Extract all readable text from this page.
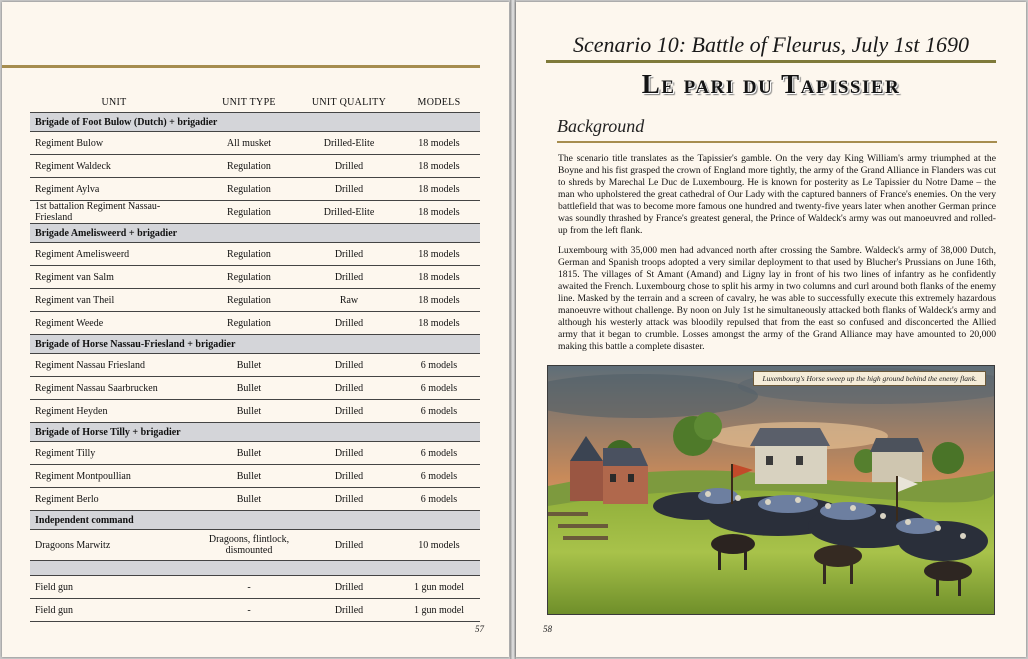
UNIT	UNIT TYPE	UNIT QUALITY	MODELS
Brigade of Foot Bulow (Dutch) + brigadier			
Regiment Bulow	All musket	Drilled-Elite	18 models
Regiment Waldeck	Regulation	Drilled	18 models
Regiment Aylva	Regulation	Drilled	18 models
1st battalion Regiment Nassau- Friesland	Regulation	Drilled-Elite	18 models
Brigade Amelisweerd + brigadier			
Regiment Amelisweerd	Regulation	Drilled	18 models
Regiment van Salm	Regulation	Drilled	18 models
Regiment van Theil	Regulation	Raw	18 models
Regiment Weede	Regulation	Drilled	18 models
Brigade of Horse Nassau-Friesland + brigadier			
Regiment Nassau Friesland	Bullet	Drilled	6 models
Regiment Nassau Saarbrucken	Bullet	Drilled	6 models
Regiment Heyden	Bullet	Drilled	6 models
Brigade of Horse Tilly + brigadier			
Regiment Tilly	Bullet	Drilled	6 models
Regiment Montpoullian	Bullet	Drilled	6 models
Regiment Berlo	Bullet	Drilled	6 models
Independent command			
Dragoons Marwitz	Dragoons, flintlock, dismounted	Drilled	10 models

Field gun	-	Drilled	1 gun model
Field gun	-	Drilled	1 gun model
57
Scenario 10: Battle of Fleurus, July 1st 1690
Le pari du Tapissier
Background

The scenario title translates as the Tapissier's gamble. On the very day King William's army triumphed at the Boyne and his fist grasped the crown of England more tightly, the army of the Grand Alliance in Flanders was cut to shreds by Marechal Le Duc de Luxembourg. He is known for posterity as Le Tapissier du Notre Dame – the man who upholstered the great cathedral of Our Lady with the captured banners of France's enemies. On the very battlefield that was to become more famous one hundred and twenty-five years later when another German prince was soundly thrashed by France's greatest general, the Prince of Waldeck's army was out manoeuvred and rolled-up from the left flank.

Luxembourg with 35,000 men had advanced north after crossing the Sambre. Waldeck's army of 38,000 Dutch, German and Spanish troops adopted a very similar deployment to that used by Blucher's Prussians on June 16th, 1815. The villages of St Amant (Amand) and Ligny lay in front of his two lines of infantry as he confidently awaited the French. Luxembourg chose to split his army in two columns and curl around both flanks of the enemy line. Masked by the terrain and a screen of cavalry, he was able to successfully execute this extremely hazardous manoeuvre without challenge. By noon on July 1st he simultaneously attacked both flanks of Waldeck's army and although his westerly attack was bloodily repulsed that from the east so confused and disconcerted the Allied army that it began to crumble. Losses amongst the army of the Grand Alliance may have amounted to 20,000 making this battle a complete disaster.

Luxembourg's Horse sweep up the high ground behind the enemy flank.
58
